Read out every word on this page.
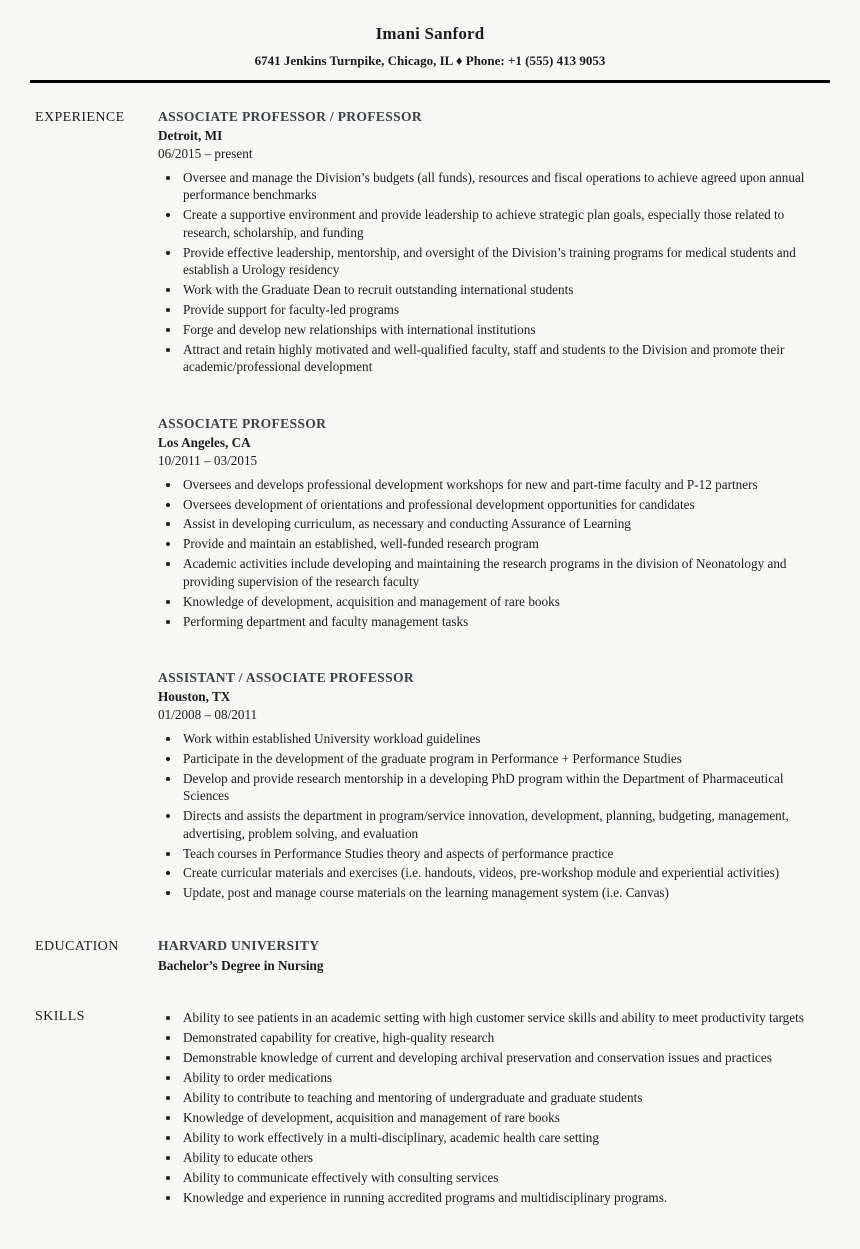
Imani Sanford
6741 Jenkins Turnpike, Chicago, IL ♦ Phone: +1 (555) 413 9053
EXPERIENCE	ASSOCIATE PROFESSOR / PROFESSOR
Detroit, MI
06/2015 – present
• Oversee and manage the Division’s budgets (all funds), resources and fiscal operations to achieve agreed upon annual performance benchmarks
• Create a supportive environment and provide leadership to achieve strategic plan goals, especially those related to research, scholarship, and funding
• Provide effective leadership, mentorship, and oversight of the Division’s training programs for medical students and establish a Urology residency
• Work with the Graduate Dean to recruit outstanding international students
• Provide support for faculty-led programs
• Forge and develop new relationships with international institutions
• Attract and retain highly motivated and well-qualified faculty, staff and students to the Division and promote their academic/professional development
ASSOCIATE PROFESSOR
Los Angeles, CA
10/2011 – 03/2015
• Oversees and develops professional development workshops for new and part-time faculty and P-12 partners
• Oversees development of orientations and professional development opportunities for candidates
• Assist in developing curriculum, as necessary and conducting Assurance of Learning
• Provide and maintain an established, well-funded research program
• Academic activities include developing and maintaining the research programs in the division of Neonatology and providing supervision of the research faculty
• Knowledge of development, acquisition and management of rare books
• Performing department and faculty management tasks
ASSISTANT / ASSOCIATE PROFESSOR
Houston, TX
01/2008 – 08/2011
• Work within established University workload guidelines
• Participate in the development of the graduate program in Performance + Performance Studies
• Develop and provide research mentorship in a developing PhD program within the Department of Pharmaceutical Sciences
• Directs and assists the department in program/service innovation, development, planning, budgeting, management, advertising, problem solving, and evaluation
• Teach courses in Performance Studies theory and aspects of performance practice
• Create curricular materials and exercises (i.e. handouts, videos, pre-workshop module and experiential activities)
• Update, post and manage course materials on the learning management system (i.e. Canvas)
EDUCATION	HARVARD UNIVERSITY
Bachelor’s Degree in Nursing
SKILLS	• Ability to see patients in an academic setting with high customer service skills and ability to meet productivity targets
• Demonstrated capability for creative, high-quality research
• Demonstrable knowledge of current and developing archival preservation and conservation issues and practices
• Ability to order medications
• Ability to contribute to teaching and mentoring of undergraduate and graduate students
• Knowledge of development, acquisition and management of rare books
• Ability to work effectively in a multi-disciplinary, academic health care setting
• Ability to educate others
• Ability to communicate effectively with consulting services
• Knowledge and experience in running accredited programs and multidisciplinary programs.
